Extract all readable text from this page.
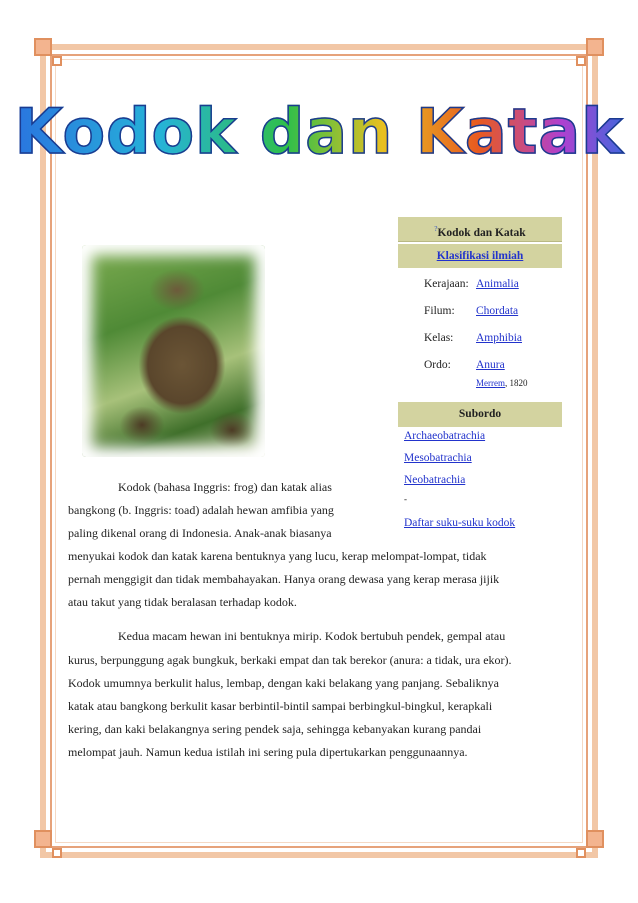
Kodok dan Katak
?Kodok dan Katak
Klasifikasi ilmiah
Kerajaan: Animalia
Filum: Chordata
Kelas: Amphibia
Ordo: Anura
Merrem, 1820
Subordo
Archaeobatrachia
Mesobatrachia
Neobatrachia
-
Daftar suku-suku kodok
Kodok (bahasa Inggris: frog) dan katak alias
bangkong (b. Inggris: toad) adalah hewan amfibia yang
paling dikenal orang di Indonesia. Anak-anak biasanya
menyukai kodok dan katak karena bentuknya yang lucu, kerap melompat-lompat, tidak
pernah menggigit dan tidak membahayakan. Hanya orang dewasa yang kerap merasa jijik
atau takut yang tidak beralasan terhadap kodok.
Kedua macam hewan ini bentuknya mirip. Kodok bertubuh pendek, gempal atau
kurus, berpunggung agak bungkuk, berkaki empat dan tak berekor (anura: a tidak, ura ekor).
Kodok umumnya berkulit halus, lembap, dengan kaki belakang yang panjang. Sebaliknya
katak atau bangkong berkulit kasar berbintil-bintil sampai berbingkul-bingkul, kerapkali
kering, dan kaki belakangnya sering pendek saja, sehingga kebanyakan kurang pandai
melompat jauh. Namun kedua istilah ini sering pula dipertukarkan penggunaannya.
